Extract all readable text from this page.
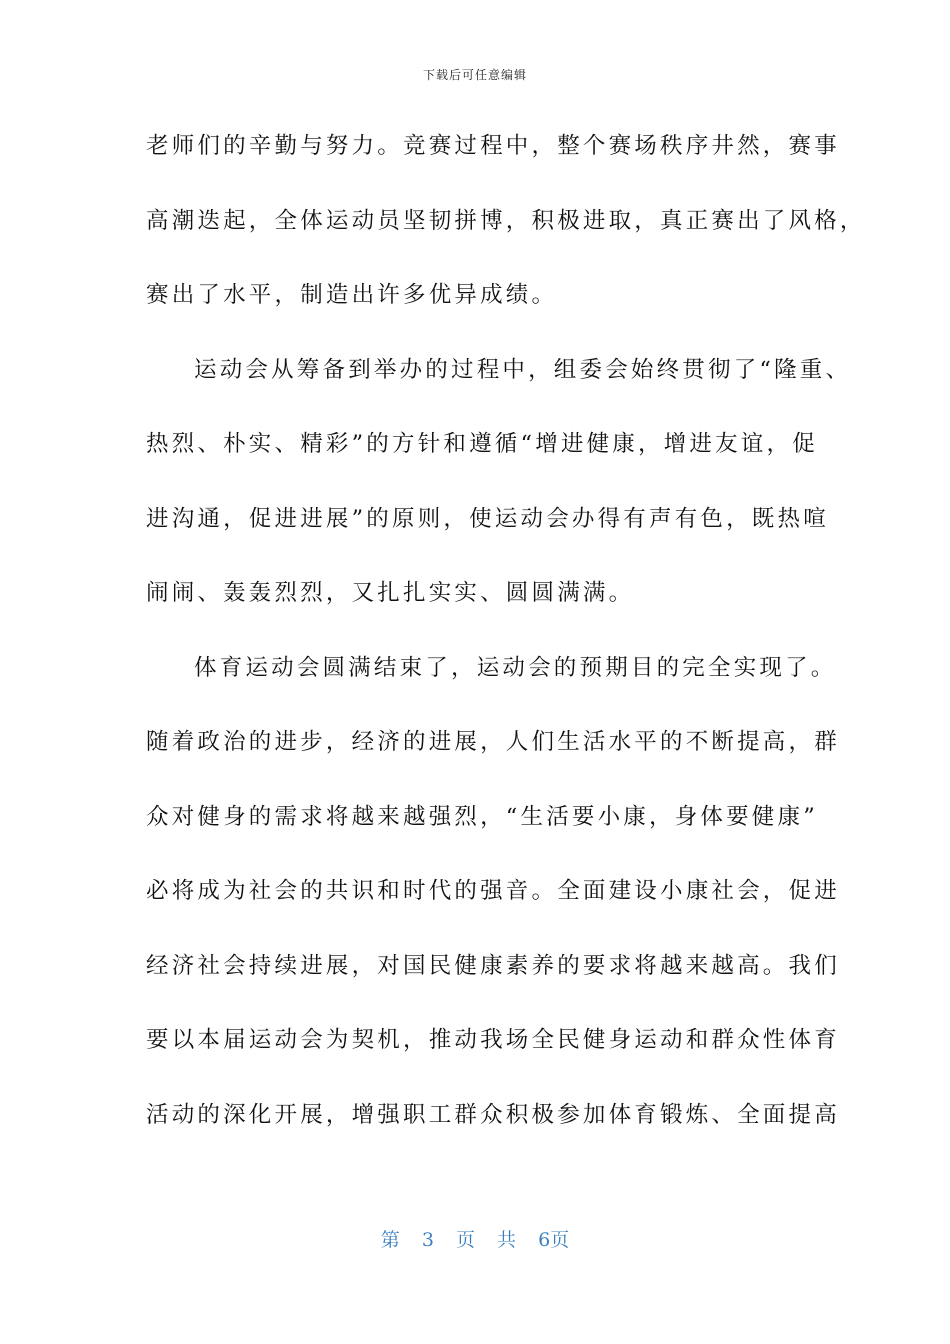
下载后可任意编辑
老师们的辛勤与努力。竞赛过程中，整个赛场秩序井然，赛事
高潮迭起，全体运动员坚韧拼博，积极进取，真正赛出了风格，
赛出了水平，制造出许多优异成绩。
运动会从筹备到举办的过程中，组委会始终贯彻了“隆重、
热烈、朴实、精彩”的方针和遵循“增进健康，增进友谊，促
进沟通，促进进展”的原则，使运动会办得有声有色，既热喧
闹闹、轰轰烈烈，又扎扎实实、圆圆满满。
体育运动会圆满结束了，运动会的预期目的完全实现了。
随着政治的进步，经济的进展，人们生活水平的不断提高，群
众对健身的需求将越来越强烈，“生活要小康，身体要健康”
必将成为社会的共识和时代的强音。全面建设小康社会，促进
经济社会持续进展，对国民健康素养的要求将越来越高。我们
要以本届运动会为契机，推动我场全民健身运动和群众性体育
活动的深化开展，增强职工群众积极参加体育锻炼、全面提高
第 3 页 共 6页
